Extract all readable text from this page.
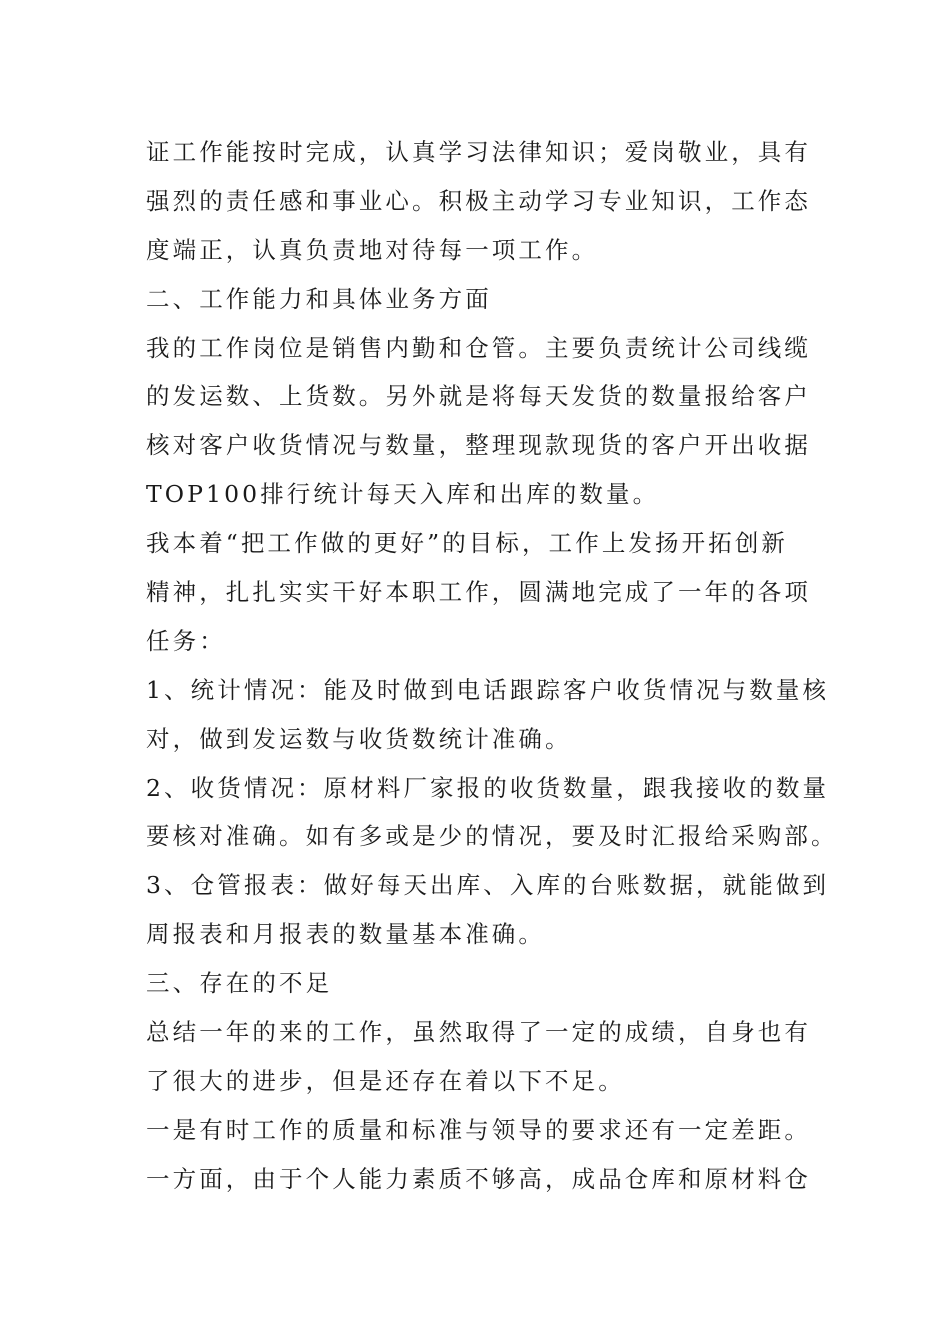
证工作能按时完成，认真学习法律知识；爱岗敬业，具有
强烈的责任感和事业心。积极主动学习专业知识，工作态
度端正，认真负责地对待每一项工作。
二、工作能力和具体业务方面
我的工作岗位是销售内勤和仓管。主要负责统计公司线缆
的发运数、上货数。另外就是将每天发货的数量报给客户
核对客户收货情况与数量，整理现款现货的客户开出收据
TOP100排行统计每天入库和出库的数量。
我本着“把工作做的更好”的目标，工作上发扬开拓创新
精神，扎扎实实干好本职工作，圆满地完成了一年的各项
任务：
1、统计情况：能及时做到电话跟踪客户收货情况与数量核
对，做到发运数与收货数统计准确。
2、收货情况：原材料厂家报的收货数量，跟我接收的数量
要核对准确。如有多或是少的情况，要及时汇报给采购部。
3、仓管报表：做好每天出库、入库的台账数据，就能做到
周报表和月报表的数量基本准确。
三、存在的不足
总结一年的来的工作，虽然取得了一定的成绩，自身也有
了很大的进步，但是还存在着以下不足。
一是有时工作的质量和标准与领导的要求还有一定差距。
一方面，由于个人能力素质不够高，成品仓库和原材料仓
